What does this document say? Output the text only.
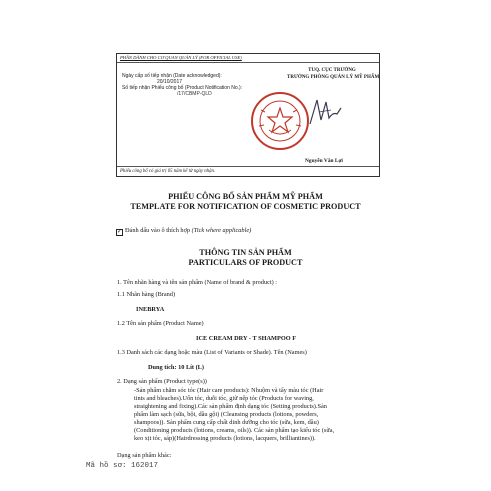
PHẦN DÀNH CHO CƠ QUAN QUẢN LÝ (FOR OFFICIAL USE)
Ngày cấp số tiếp nhận (Date acknowledged):
20/10/2017
Số tiếp nhận Phiếu công bố (Product Notification No.):
/17/CBMP-QLD
TUQ. CỤC TRƯỞNG
TRƯỞNG PHÒNG QUẢN LÝ MỸ PHẨM
Nguyễn Văn Lợi
Phiếu công bố có giá trị 05 năm kể từ ngày nhận.
PHIẾU CÔNG BỐ SẢN PHẨM MỸ PHẨM
TEMPLATE FOR NOTIFICATION OF COSMETIC PRODUCT
✓ Đánh dấu vào ô thích hợp (Tick where applicable)
THÔNG TIN SẢN PHẨM
PARTICULARS OF PRODUCT
1. Tên nhãn hàng và tên sản phẩm (Name of brand & product) :
1.1 Nhãn hàng (Brand)
INEBRYA
1.2 Tên sản phẩm (Product Name)
ICE CREAM DRY - T SHAMPOO F
1.3 Danh sách các dạng hoặc màu (List of Variants or Shade). Tên (Names)
Dung tích: 10 Lít (L)
2. Dạng sản phẩm (Product type(s))
-Sản phẩm chăm sóc tóc (Hair care products): Nhuộm và tẩy màu tóc (Hair
tints and bleaches).Uốn tóc, duỗi tóc, giữ nếp tóc (Products for waving,
straightening and fixing).Các sản phẩm định dạng tóc (Setting products).Sản
phẩm làm sạch (sữa, bột, dầu gội) (Cleansing products (lotions, powders,
shampoos)). Sản phẩm cung cấp chất dinh dưỡng cho tóc (sữa, kem, dầu)
(Conditioning products (lotions, creams, oils)). Các sản phẩm tạo kiểu tóc (sữa,
keo xịt tóc, sáp)(Hairdressing products (lotions, lacquers, brilliantines)).
Dạng sản phẩm khác:
Mã hồ sơ: 162017
